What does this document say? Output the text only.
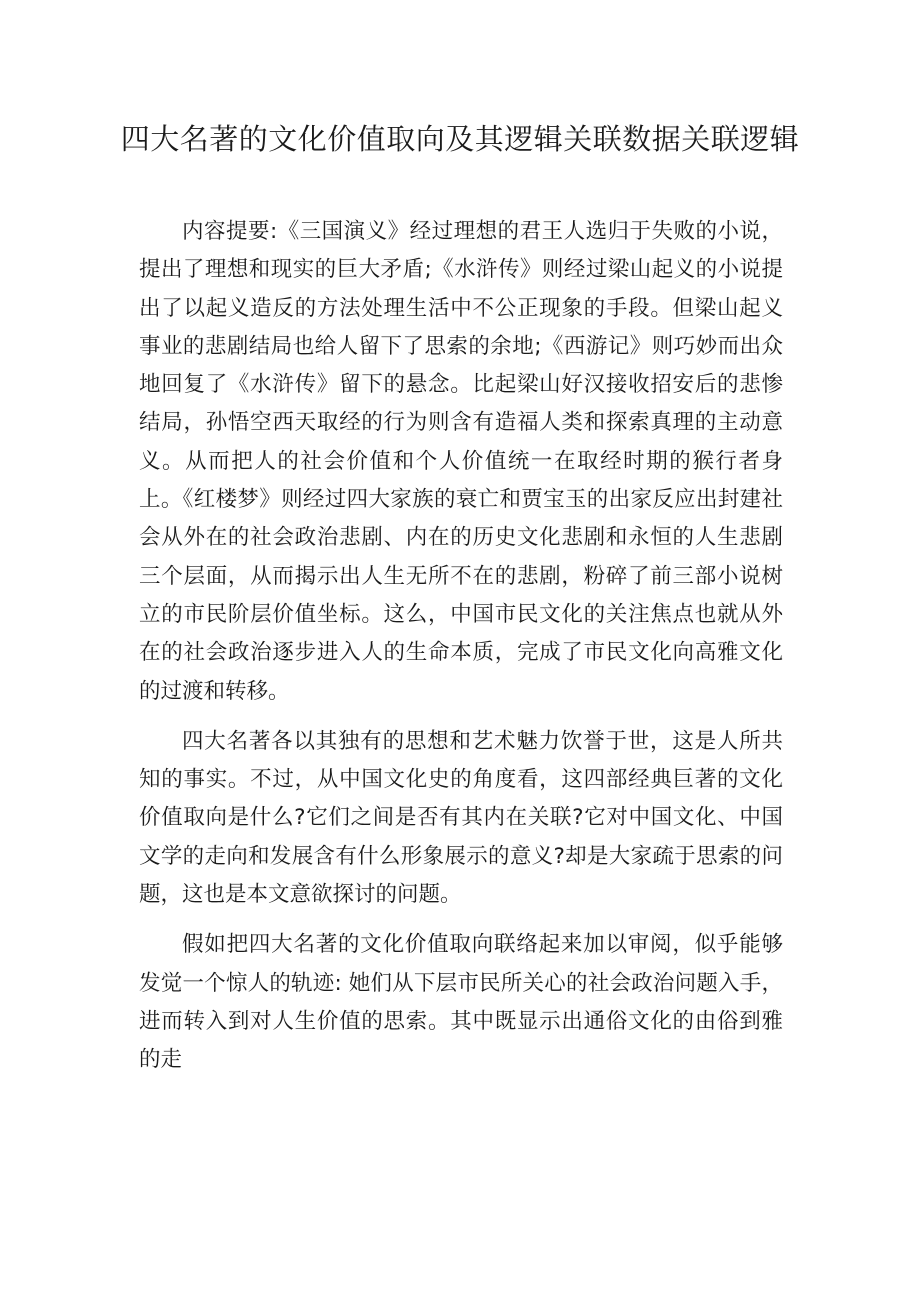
四大名著的文化价值取向及其逻辑关联数据关联逻辑

内容提要:《三国演义》经过理想的君王人选归于失败的小说，提出了理想和现实的巨大矛盾;《水浒传》则经过梁山起义的小说提出了以起义造反的方法处理生活中不公正现象的手段。但梁山起义事业的悲剧结局也给人留下了思索的余地;《西游记》则巧妙而出众地回复了《水浒传》留下的悬念。比起梁山好汉接收招安后的悲惨结局，孙悟空西天取经的行为则含有造福人类和探索真理的主动意义。从而把人的社会价值和个人价值统一在取经时期的猴行者身上。《红楼梦》则经过四大家族的衰亡和贾宝玉的出家反应出封建社会从外在的社会政治悲剧、内在的历史文化悲剧和永恒的人生悲剧三个层面，从而揭示出人生无所不在的悲剧，粉碎了前三部小说树立的市民阶层价值坐标。这么，中国市民文化的关注焦点也就从外在的社会政治逐步进入人的生命本质，完成了市民文化向高雅文化的过渡和转移。

四大名著各以其独有的思想和艺术魅力饮誉于世，这是人所共知的事实。不过，从中国文化史的角度看，这四部经典巨著的文化价值取向是什么?它们之间是否有其内在关联?它对中国文化、中国文学的走向和发展含有什么形象展示的意义?却是大家疏于思索的问题，这也是本文意欲探讨的问题。

假如把四大名著的文化价值取向联络起来加以审阅，似乎能够发觉一个惊人的轨迹: 她们从下层市民所关心的社会政治问题入手，进而转入到对人生价值的思索。其中既显示出通俗文化的由俗到雅的走
